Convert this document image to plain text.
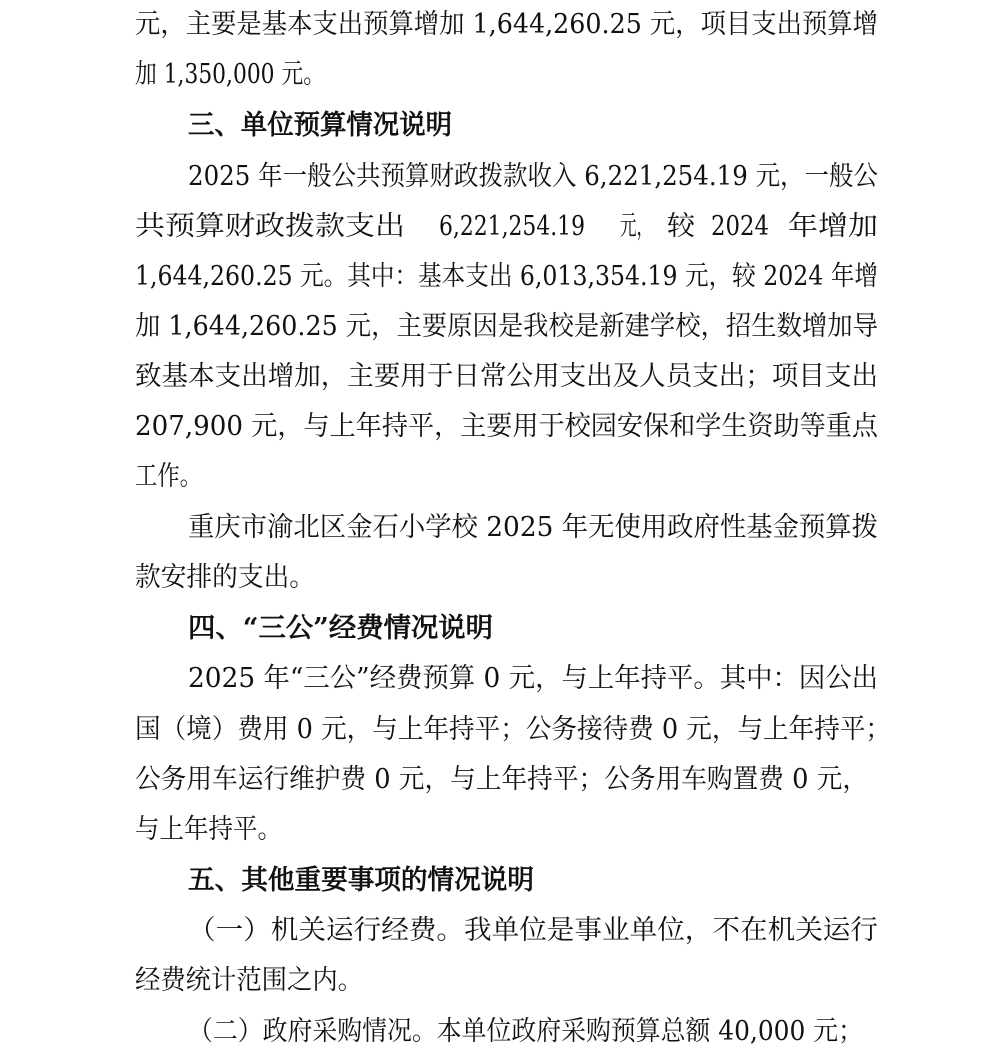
元，主要是基本支出预算增加 1,644,260.25 元，项目支出预算增
加 1,350,000 元。
三、单位预算情况说明
2025 年一般公共预算财政拨款收入 6,221,254.19 元，一般公
共预算财政拨款支出 6,221,254.19 元， 较 2024 年增加
1,644,260.25 元。其中：基本支出 6,013,354.19 元，较 2024 年增
加 1,644,260.25 元，主要原因是我校是新建学校，招生数增加导
致基本支出增加，主要用于日常公用支出及人员支出；项目支出
207,900 元，与上年持平，主要用于校园安保和学生资助等重点
工作。
重庆市渝北区金石小学校 2025 年无使用政府性基金预算拨
款安排的支出。
四、“三公”经费情况说明
2025 年“三公”经费预算 0 元，与上年持平。其中：因公出
国（境）费用 0 元，与上年持平；公务接待费 0 元，与上年持平；
公务用车运行维护费 0 元，与上年持平；公务用车购置费 0 元，
与上年持平。
五、其他重要事项的情况说明
（一）机关运行经费。我单位是事业单位，不在机关运行
经费统计范围之内。
（二）政府采购情况。本单位政府采购预算总额 40,000 元；
